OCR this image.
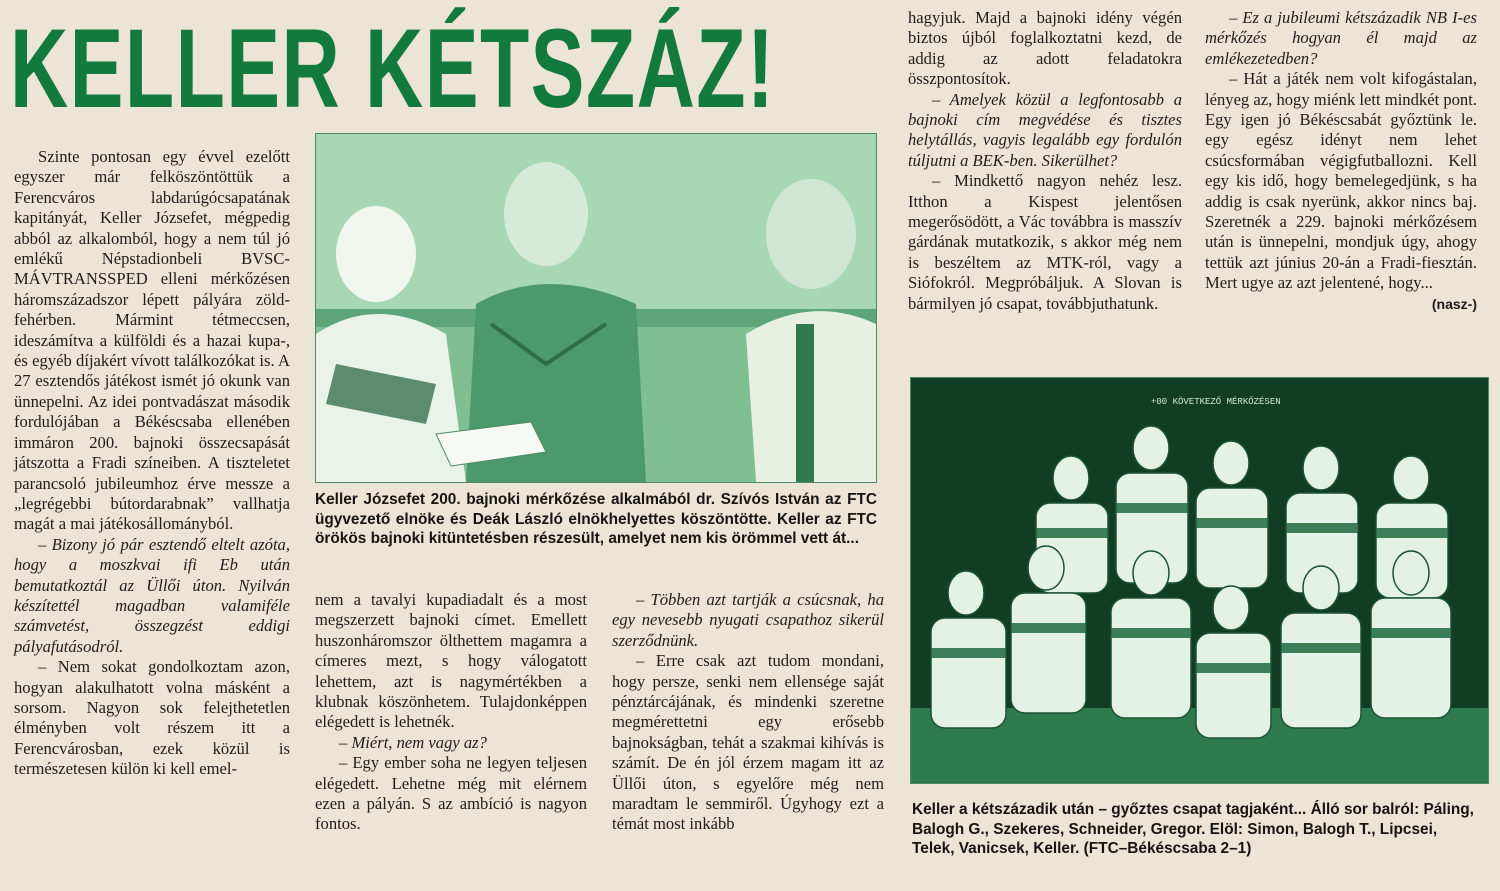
KELLER KÉTSZÁZ!

Szinte pontosan egy évvel ezelőtt egyszer már felköszöntöttük a Ferencváros labdarúgócsapatának kapitányát, Keller Józsefet, mégpedig abból az alkalomból, hogy a nem túl jó emlékű Népstadionbeli BVSC-MÁVTRANSSPED elleni mérkőzésen háromszázadszor lépett pályára zöld-fehérben. Mármint tétmeccsen, ideszámítva a külföldi és a hazai kupa-, és egyéb díjakért vívott találkozókat is. A 27 esztendős játékost ismét jó okunk van ünnepelni. Az idei pontvadászat második fordulójában a Békéscsaba ellenében immáron 200. bajnoki összecsapását játszotta a Fradi színeiben. A tiszteletet parancsoló jubileumhoz érve messze a „legrégebbi bútordarabnak” vallhatja magát a mai játékosállományból.

– Bizony jó pár esztendő eltelt azóta, hogy a moszkvai ifi Eb után bemutatkoztál az Üllői úton. Nyilván készítettél magadban valamiféle számvetést, összegzést eddigi pályafutásodról.

– Nem sokat gondolkoztam azon, hogyan alakulhatott volna másként a sorsom. Nagyon sok felejthetetlen élményben volt részem itt a Ferencvárosban, ezek közül is természetesen külön ki kell emel-

Keller Józsefet 200. bajnoki mérkőzése alkalmából dr. Szívós István az FTC ügyvezető elnöke és Deák László elnökhelyettes köszöntötte. Keller az FTC örökös bajnoki kitüntetésben részesült, amelyet nem kis örömmel vett át...

nem a tavalyi kupadiadalt és a most megszerzett bajnoki címet. Emellett huszonháromszor ölthettem magamra a címeres mezt, s hogy válogatott lehettem, azt is nagymértékben a klubnak köszönhetem. Tulajdonképpen elégedett is lehetnék.

– Miért, nem vagy az?

– Egy ember soha ne legyen teljesen elégedett. Lehetne még mit elérnem ezen a pályán. S az ambíció is nagyon fontos.

– Többen azt tartják a csúcsnak, ha egy nevesebb nyugati csapathoz sikerül szerződnünk.

– Erre csak azt tudom mondani, hogy persze, senki nem ellensége saját pénztárcájának, és mindenki szeretne megmérettetni egy erősebb bajnokságban, tehát a szakmai kihívás is számít. De én jól érzem magam itt az Üllői úton, s egyelőre még nem maradtam le semmiről. Úgyhogy ezt a témát most inkább

hagyjuk. Majd a bajnoki idény végén biztos újból foglalkoztatni kezd, de addig az adott feladatokra összpontosítok.

– Amelyek közül a legfontosabb a bajnoki cím megvédése és tisztes helytállás, vagyis legalább egy fordulón túljutni a BEK-ben. Sikerülhet?

– Mindkettő nagyon nehéz lesz. Itthon a Kispest jelentősen megerősödött, a Vác továbbra is masszív gárdának mutatkozik, s akkor még nem is beszéltem az MTK-ról, vagy a Siófokról. Megpróbáljuk. A Slovan is bármilyen jó csapat, továbbjuthatunk.

– Ez a jubileumi kétszázadik NB I-es mérkőzés hogyan él majd az emlékezetedben?

– Hát a játék nem volt kifogástalan, lényeg az, hogy miénk lett mindkét pont. Egy igen jó Békéscsabát győztünk le. egy egész idényt nem lehet csúcsformában végigfutballozni. Kell egy kis idő, hogy bemelegedjünk, s ha addig is csak nyerünk, akkor nincs baj. Szeretnék a 229. bajnoki mérkőzésem után is ünnepelni, mondjuk úgy, ahogy tettük azt június 20-án a Fradi-fiesztán. Mert ugye az azt jelentené, hogy...

(nasz-)

+00 KÖVETKEZŐ MÉRKŐZÉSEN
Keller a kétszázadik után – győztes csapat tagjaként... Álló sor balról: Páling, Balogh G., Szekeres, Schneider, Gregor. Elöl: Simon, Balogh T., Lipcsei, Telek, Vanicsek, Keller. (FTC–Békéscsaba 2–1)
